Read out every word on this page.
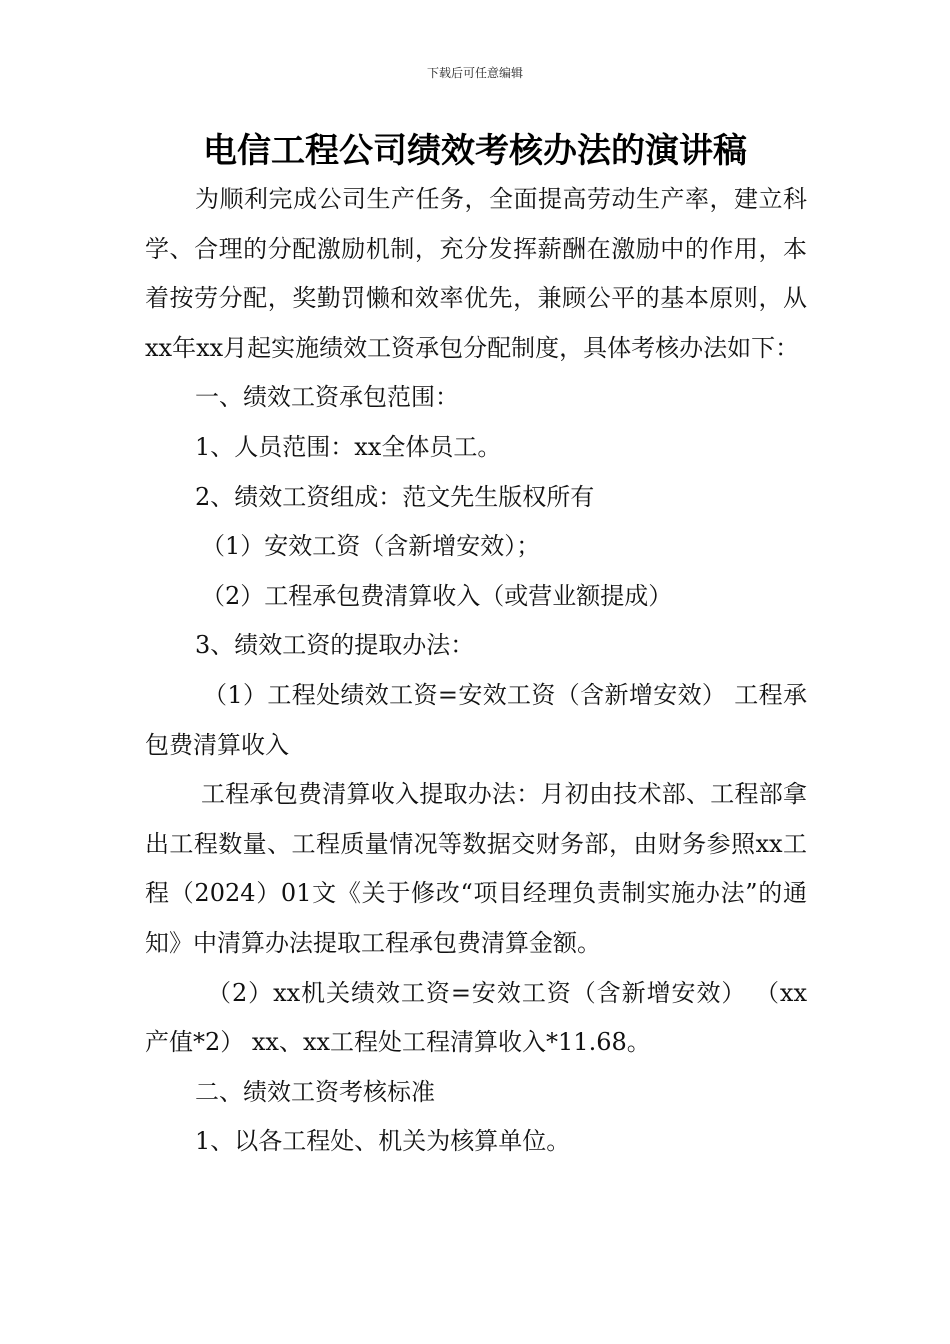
下载后可任意编辑
电信工程公司绩效考核办法的演讲稿

为顺利完成公司生产任务，全面提高劳动生产率，建立科学、合理的分配激励机制，充分发挥薪酬在激励中的作用，本着按劳分配，奖勤罚懒和效率优先，兼顾公平的基本原则，从xx年xx月起实施绩效工资承包分配制度，具体考核办法如下：

一、绩效工资承包范围：

1、人员范围：xx全体员工。

2、绩效工资组成：范文先生版权所有

（1）安效工资（含新增安效）；

（2）工程承包费清算收入（或营业额提成）

3、绩效工资的提取办法：

（1）工程处绩效工资=安效工资（含新增安效） 工程承包费清算收入

工程承包费清算收入提取办法：月初由技术部、工程部拿出工程数量、工程质量情况等数据交财务部，由财务参照xx工程（2024）01文《关于修改“项目经理负责制实施办法”的通知》中清算办法提取工程承包费清算金额。

（2）xx机关绩效工资=安效工资（含新增安效） （xx产值*2） xx、xx工程处工程清算收入*11.68。

二、绩效工资考核标准

1、以各工程处、机关为核算单位。
